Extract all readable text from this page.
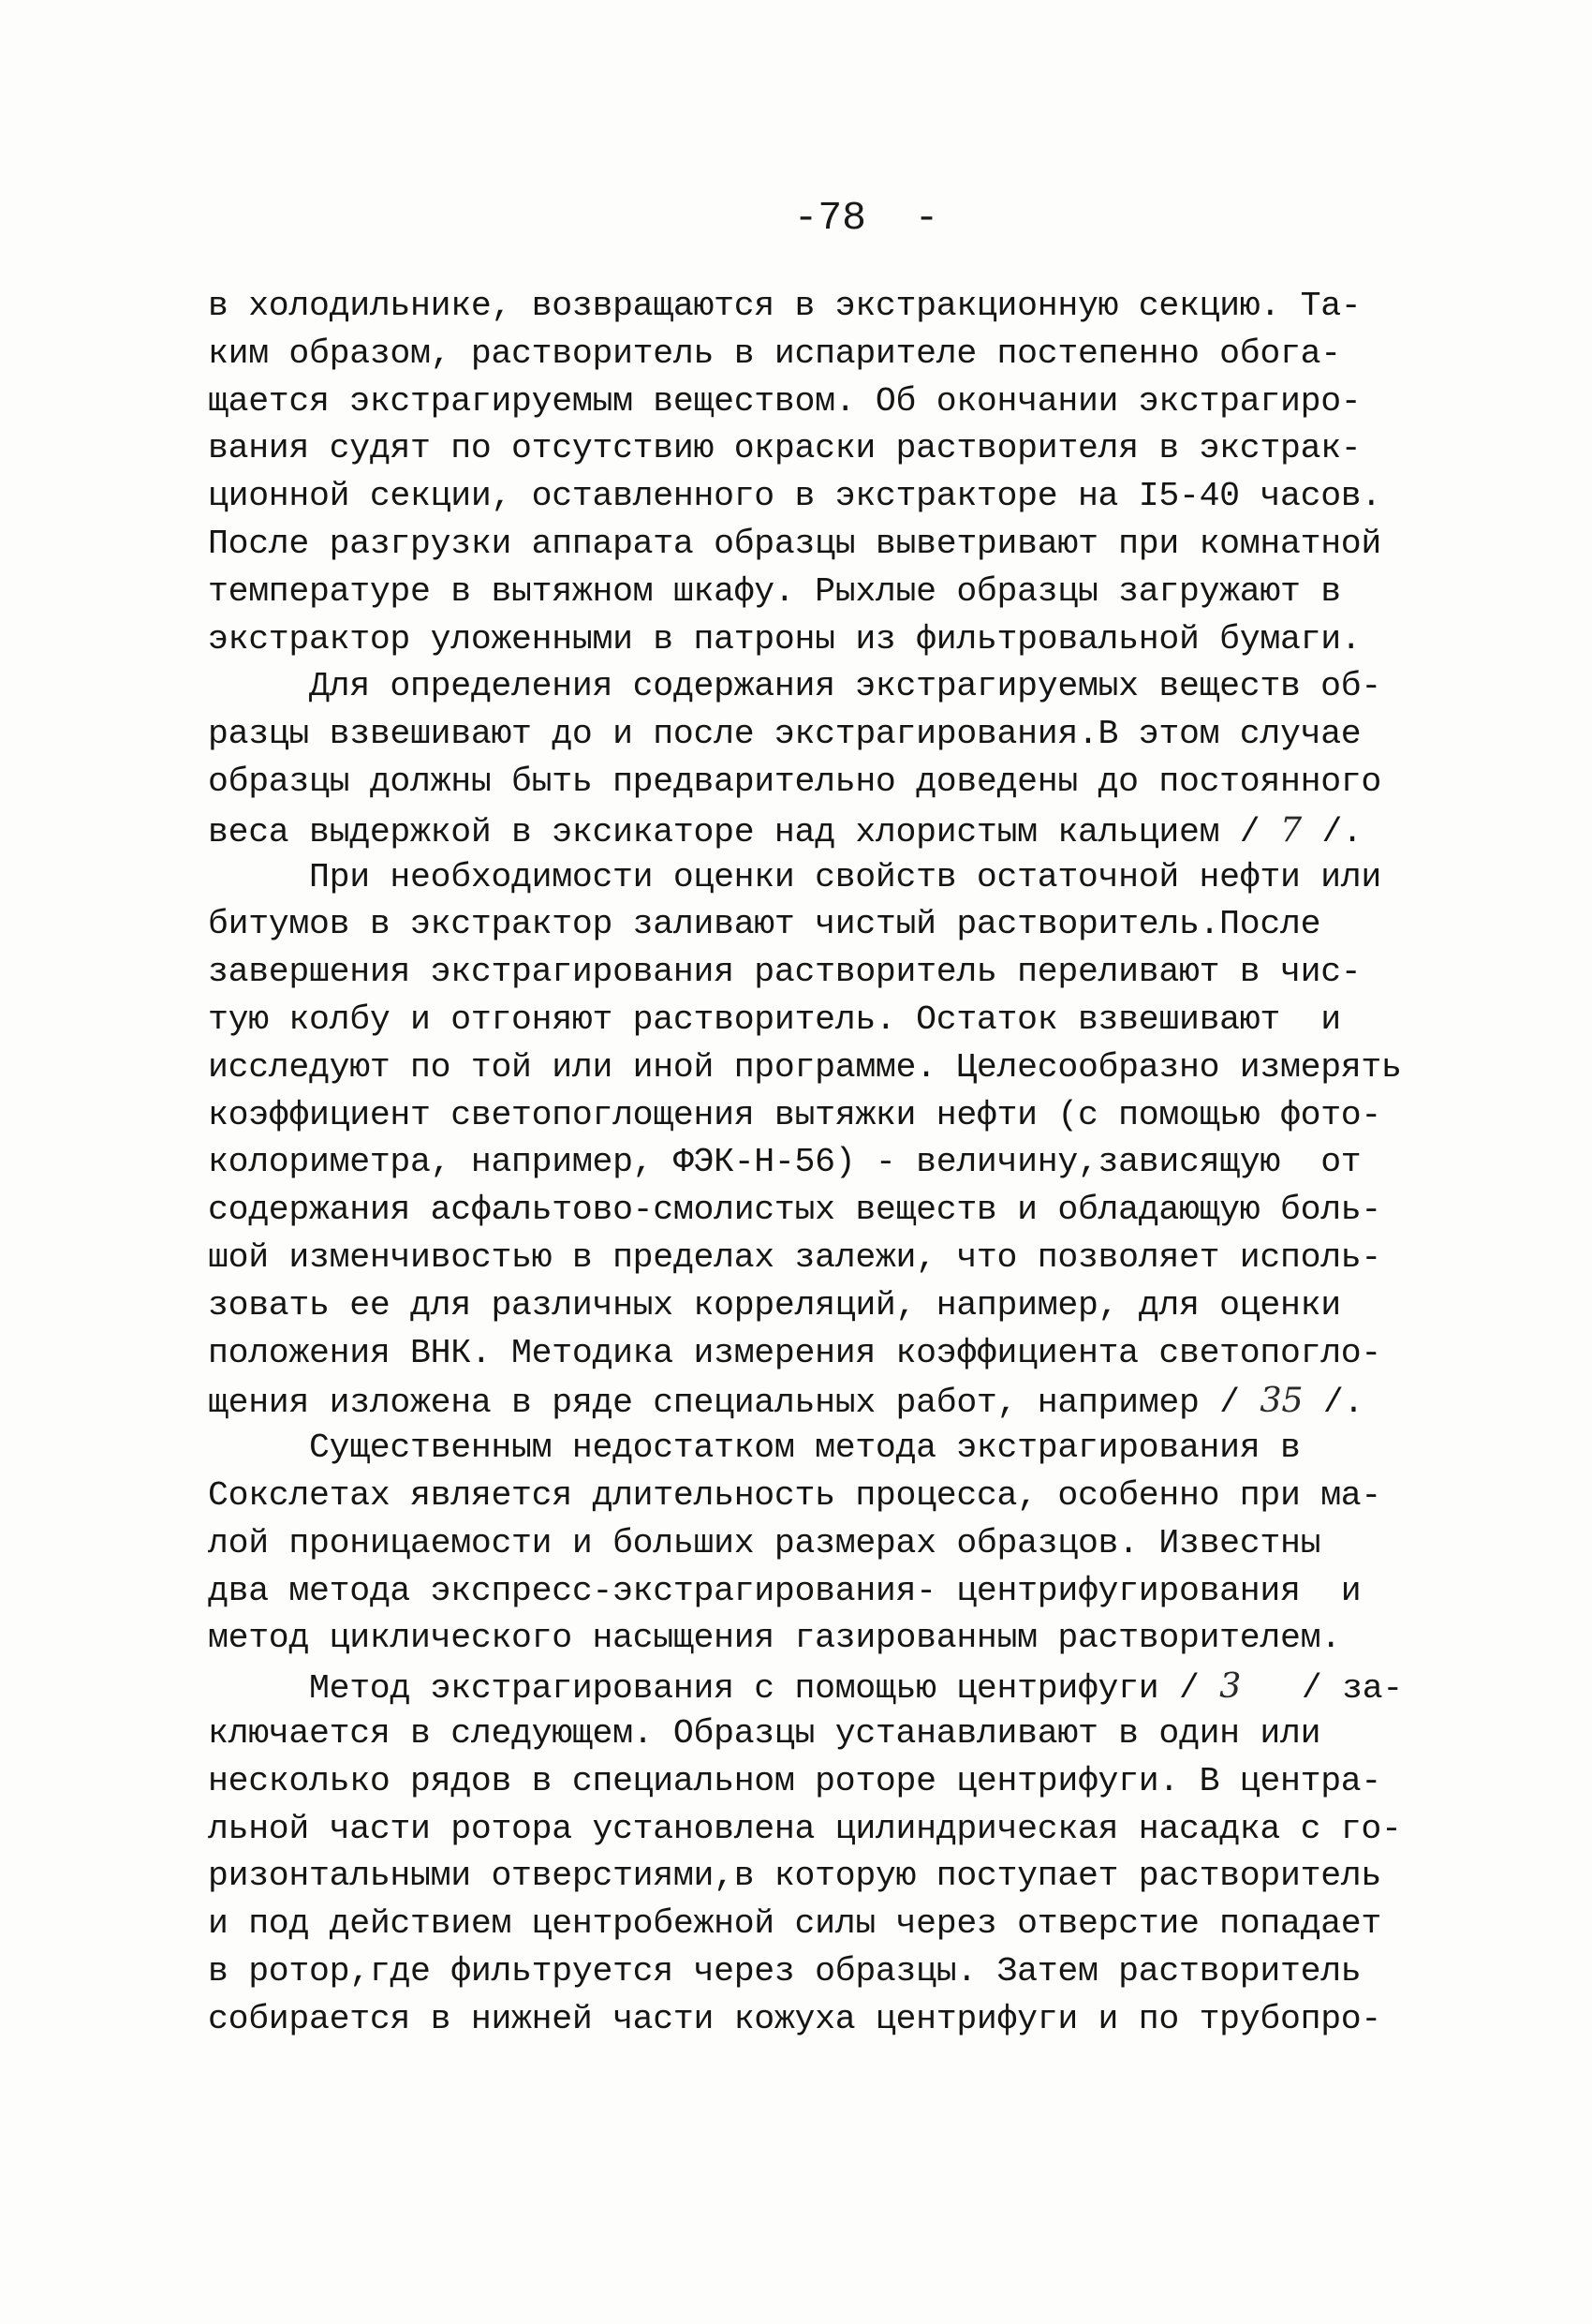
-78  -
в холодильнике, возвращаются в экстракционную секцию. Та-
ким образом, растворитель в испарителе постепенно обога-
щается экстрагируемым веществом. Об окончании экстрагиро-
вания судят по отсутствию окраски растворителя в экстрак-
ционной секции, оставленного в экстракторе на I5-40 часов.
После разгрузки аппарата образцы выветривают при комнатной
температуре в вытяжном шкафу. Рыхлые образцы загружают в
экстрактор уложенными в патроны из фильтровальной бумаги.
Для определения содержания экстрагируемых веществ об-
разцы взвешивают до и после экстрагирования.В этом случае
образцы должны быть предварительно доведены до постоянного
веса выдержкой в эксикаторе над хлористым кальцием / 7 /.
При необходимости оценки свойств остаточной нефти или
битумов в экстрактор заливают чистый растворитель.После
завершения экстрагирования растворитель переливают в чис-
тую колбу и отгоняют растворитель. Остаток взвешивают  и
исследуют по той или иной программе. Целесообразно измерять
коэффициент светопоглощения вытяжки нефти (с помощью фото-
колориметра, например, ФЭК-Н-56) - величину,зависящую  от
содержания асфальтово-смолистых веществ и обладающую боль-
шой изменчивостью в пределах залежи, что позволяет исполь-
зовать ее для различных корреляций, например, для оценки
положения ВНК. Методика измерения коэффициента светопогло-
щения изложена в ряде специальных работ, например / 35 /.
Существенным недостатком метода экстрагирования в
Сокслетах является длительность процесса, особенно при ма-
лой проницаемости и больших размерах образцов. Известны
два метода экспресс-экстрагирования- центрифугирования  и
метод циклического насыщения газированным растворителем.
Метод экстрагирования с помощью центрифуги / 3   / за-
ключается в следующем. Образцы устанавливают в один или
несколько рядов в специальном роторе центрифуги. В центра-
льной части ротора установлена цилиндрическая насадка с го-
ризонтальными отверстиями,в которую поступает растворитель
и под действием центробежной силы через отверстие попадает
в ротор,где фильтруется через образцы. Затем растворитель
собирается в нижней части кожуха центрифуги и по трубопро-
